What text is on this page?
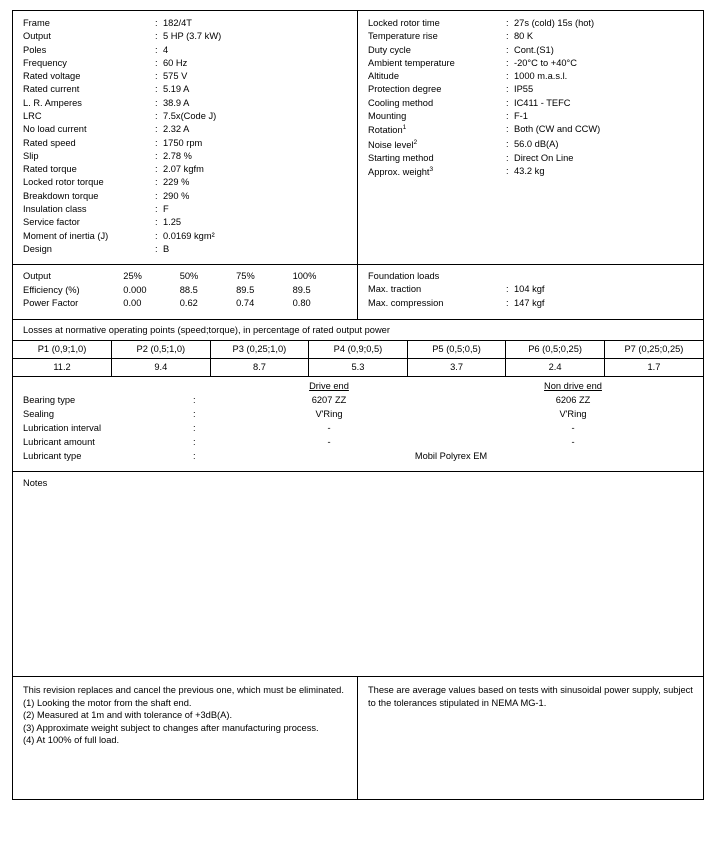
Frame	:	182/4T
Output	:	5 HP (3.7 kW)
Poles	:	4
Frequency	:	60 Hz
Rated voltage	:	575 V
Rated current	:	5.19 A
L. R. Amperes	:	38.9 A
LRC	:	7.5x(Code J)
No load current	:	2.32 A
Rated speed	:	1750 rpm
Slip	:	2.78 %
Rated torque	:	2.07 kgfm
Locked rotor torque	:	229 %
Breakdown torque	:	290 %
Insulation class	:	F
Service factor	:	1.25
Moment of inertia (J)	:	0.0169 kgm²
Design	:	B
Locked rotor time	:	27s (cold) 15s (hot)
Temperature rise	:	80 K
Duty cycle	:	Cont.(S1)
Ambient temperature	:	-20°C to +40°C
Altitude	:	1000 m.a.s.l.
Protection degree	:	IP55
Cooling method	:	IC411 - TEFC
Mounting	:	F-1
Rotation$^1$	:	Both (CW and CCW)
Noise level$^2$	:	56.0 dB(A)
Starting method	:	Direct On Line
Approx. weight$^3$	:	43.2 kg
Output	25%	50%	75%	100%
Efficiency (%)	0.000	88.5	89.5	89.5
Power Factor	0.00	0.62	0.74	0.80
Foundation loads
Max. traction	:	104 kgf
Max. compression	:	147 kgf
Losses at normative operating points (speed;torque), in percentage of rated output power
P1 (0,9;1,0)	P2 (0,5;1,0)	P3 (0,25;1,0)	P4 (0,9;0,5)	P5 (0,5;0,5)	P6 (0,5;0,25)	P7 (0,25;0,25)
11.2	9.4	8.7	5.3	3.7	2.4	1.7
		Drive end	Non drive end
Bearing type	:	6207 ZZ	6206 ZZ
Sealing	:	V'Ring	V'Ring
Lubrication interval	:	-	-
Lubricant amount	:	-	-
Lubricant type	:	Mobil Polyrex EM	
Notes

This revision replaces and cancel the previous one, which must be eliminated.

(1) Looking the motor from the shaft end.

(2) Measured at 1m and with tolerance of +3dB(A).

(3) Approximate weight subject to changes after manufacturing process.

(4) At 100% of full load.

These are average values based on tests with sinusoidal power supply, subject to the tolerances stipulated in NEMA MG-1.
